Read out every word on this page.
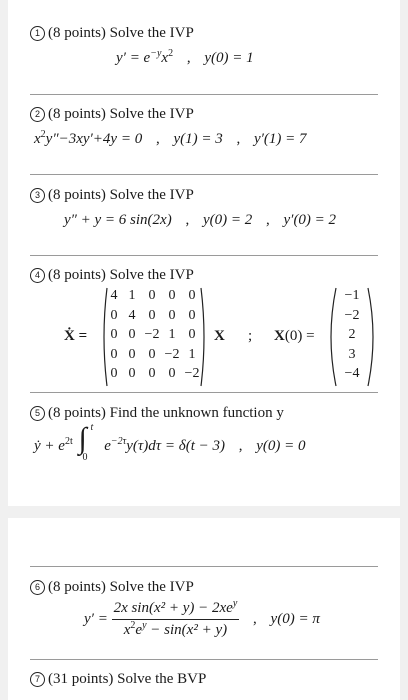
1 (8 points) Solve the IVP
$y' = e^{-y}x^2$ , y(0) = 1
2 (8 points) Solve the IVP
$x^2y''-3xy'+4y = 0$ , y(1) = 3 , y′(1) = 7
3 (8 points) Solve the IVP
y″ + y = 6 sin(2x) , y(0) = 2 , y′(0) = 2
4 (8 points) Solve the IVP
Ẋ =
4 1 0 0 0
0 4 0 0 0
0 0 −2 1 0
0 0 0 −2 1
0 0 0 0 −2
X ; X(0) =
−1
−2
2
3
−4
5 (8 points) Find the unknown function y
ẏ + $e^{2t}$ ∫ t
0
$e^{-2\tau}y(\tau)d\tau = \delta(t - 3)$ , y(0) = 0
6 (8 points) Solve the IVP
$y' = \frac{2x \sin(x^2 + y) - 2xe^y}{x^2e^y - \sin(x^2 + y)}$ , y(0) = π
7 (31 points) Solve the BVP
